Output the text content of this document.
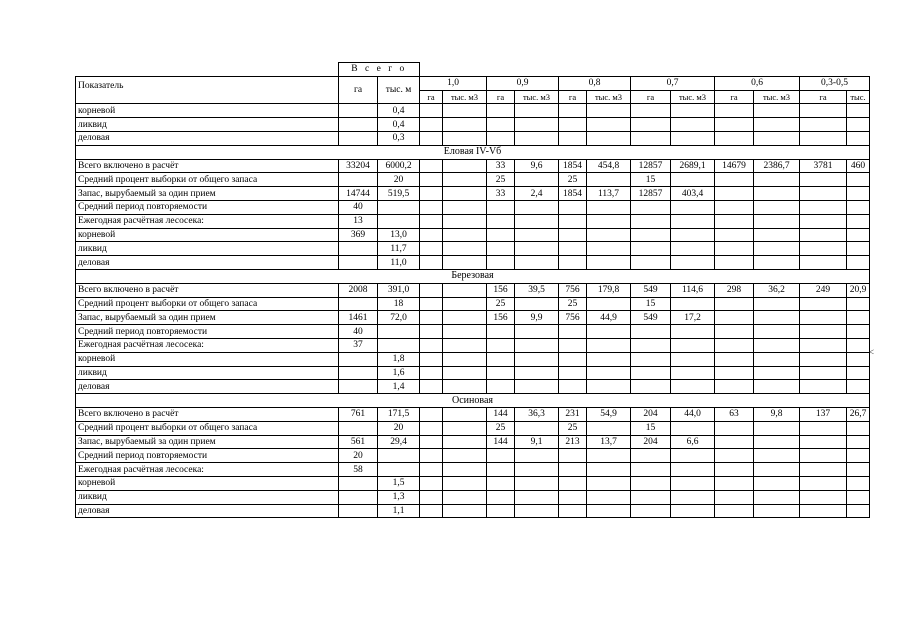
	В с е г о													
Показатель	га	тыс. м	1,0		0,9		0,8		0,7		0,6		0,3-0,5	
			га	тыс. м3	га	тыс. м3	га	тыс. м3	га	тыс. м3	га	тыс. м3	га	тыс.
корневой		0,4												
ликвид		0,4												
деловая		0,3												
Еловая IV-Vб														
Всего включено в расчёт	33204	6000,2			33	9,6	1854	454,8	12857	2689,1	14679	2386,7	3781	460
Средний процент выборки от общего запаса		20			25		25		15					
Запас, вырубаемый за один прием	14744	519,5			33	2,4	1854	113,7	12857	403,4				
Средний период повторяемости	40													
Ежегодная расчётная лесосека:	13													
корневой	369	13,0												
ликвид		11,7												
деловая		11,0												
Березовая														
Всего включено в расчёт	2008	391,0			156	39,5	756	179,8	549	114,6	298	36,2	249	20,9
Средний процент выборки от общего запаса		18			25		25		15					
Запас, вырубаемый за один прием	1461	72,0			156	9,9	756	44,9	549	17,2				
Средний период повторяемости	40													
Ежегодная расчётная лесосека:	37													
корневой		1,8												
ликвид		1,6												
деловая		1,4												
Осиновая														
Всего включено в расчёт	761	171,5			144	36,3	231	54,9	204	44,0	63	9,8	137	26,7
Средний процент выборки от общего запаса		20			25		25		15					
Запас, вырубаемый за один прием	561	29,4			144	9,1	213	13,7	204	6,6				
Средний период повторяемости	20													
Ежегодная расчётная лесосека:	58													
корневой		1,5												
ликвид		1,3												
деловая		1,1												
<
